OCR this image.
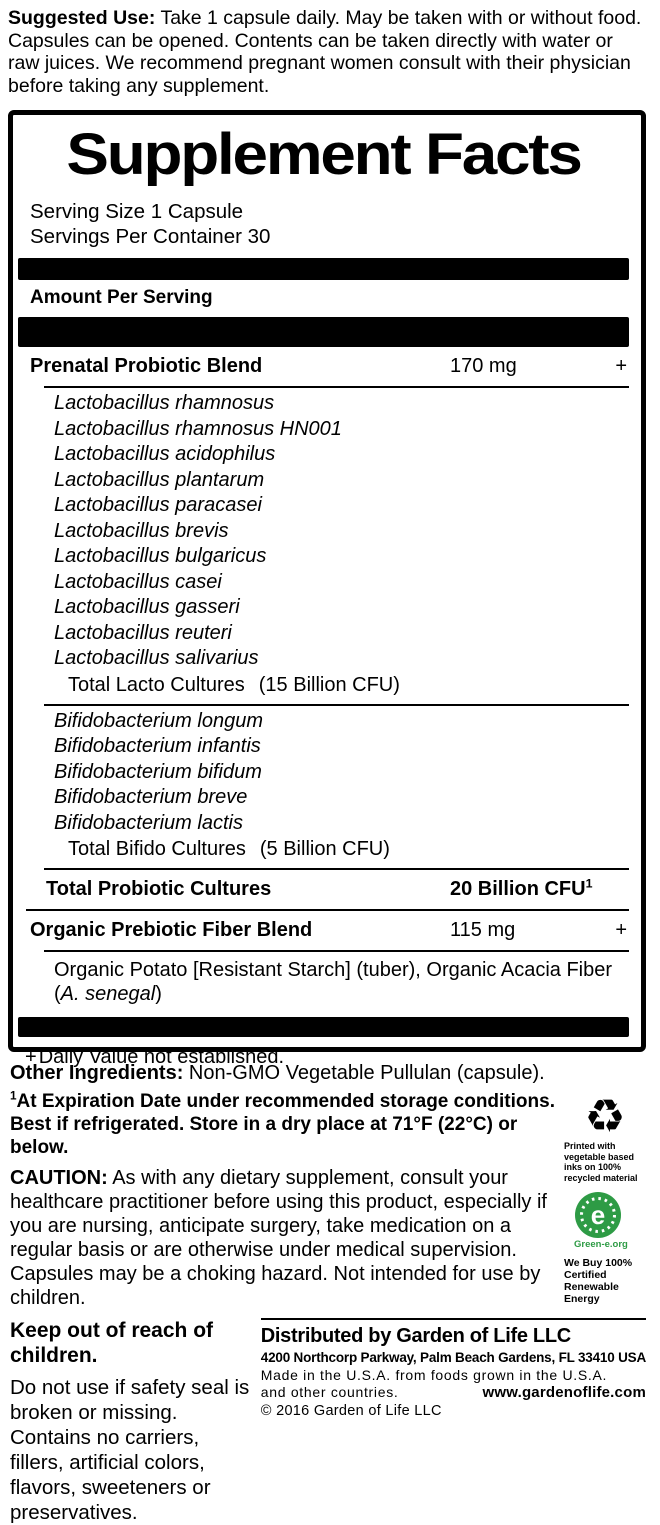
Suggested Use: Take 1 capsule daily. May be taken with or without food. Capsules can be opened. Contents can be taken directly with water or raw juices. We recommend pregnant women consult with their physician before taking any supplement.

Supplement Facts
Serving Size 1 Capsule
Servings Per Container 30
Amount Per Serving
Prenatal Probiotic Blend	170 mg	+
Lactobacillus rhamnosus
Lactobacillus rhamnosus HN001
Lactobacillus acidophilus
Lactobacillus plantarum
Lactobacillus paracasei
Lactobacillus brevis
Lactobacillus bulgaricus
Lactobacillus casei
Lactobacillus gasseri
Lactobacillus reuteri
Lactobacillus salivarius
Total Lacto Cultures (15 Billion CFU)
Bifidobacterium longum
Bifidobacterium infantis
Bifidobacterium bifidum
Bifidobacterium breve
Bifidobacterium lactis
Total Bifido Cultures (5 Billion CFU)
Total Probiotic Cultures	20 Billion CFU$^1$
Organic Prebiotic Fiber Blend	115 mg	+
Organic Potato [Resistant Starch] (tuber), Organic Acacia Fiber (A. senegal)
+ Daily Value not established.

Other Ingredients: Non-GMO Vegetable Pullulan (capsule).

$^1$At Expiration Date under recommended storage conditions. Best if refrigerated. Store in a dry place at 71°F (22°C) or below.

CAUTION: As with any dietary supplement, consult your healthcare practitioner before using this product, especially if you are nursing, anticipate surgery, take medication on a regular basis or are otherwise under medical supervision. Capsules may be a choking hazard. Not intended for use by children.

♻
Printed with vegetable based inks on 100% recycled material
e
Green-e.org
We Buy 100% Certified Renewable Energy

Keep out of reach of children.

Do not use if safety seal is broken or missing. Contains no carriers, fillers, artificial colors, flavors, sweeteners or preservatives.

Distributed by Garden of Life LLC
4200 Northcorp Parkway, Palm Beach Gardens, FL 33410 USA
Made in the U.S.A. from foods grown in the U.S.A.
and other countries.	www.gardenoflife.com
© 2016 Garden of Life LLC
